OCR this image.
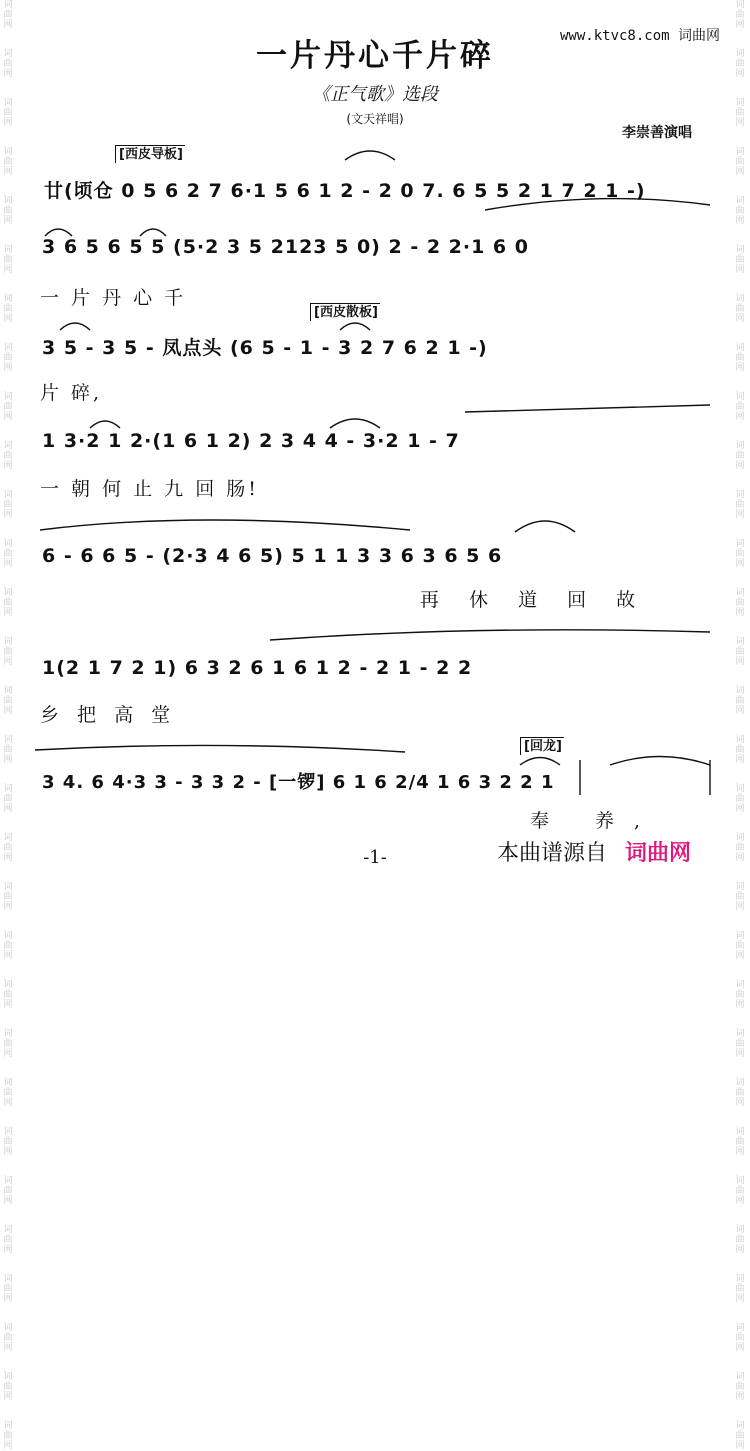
词曲网
词曲网
词曲网
词曲网
词曲网
词曲网
词曲网
词曲网
词曲网
词曲网
词曲网
词曲网
词曲网
词曲网
词曲网
词曲网
词曲网
词曲网
词曲网
词曲网
词曲网
词曲网
词曲网
词曲网
词曲网
词曲网
词曲网
词曲网
词曲网
词曲网
词曲网
词曲网
词曲网
词曲网
词曲网
词曲网
词曲网
词曲网
词曲网
词曲网
词曲网
词曲网
词曲网
词曲网
词曲网
词曲网
词曲网
词曲网
词曲网
词曲网
词曲网
词曲网
词曲网
词曲网
词曲网
词曲网
词曲网
词曲网
词曲网
词曲网
一片丹心千片碎
《正气歌》选段
(文天祥唱)
www.ktvc8.com 词曲网
李崇善演唱
[西皮导板]
廿(顷仓 0 5 6 2 7 6·1 5 6 1 2 - 2 0 7. 6 5 5 2 1 7 2 1 -)
3 6 5 6 5 5 (5·2 3 5 2123 5 0) 2 - 2 2·1 6 0
一 片 丹 心 千
[西皮散板]
3 5 - 3 5 - 凤点头 (6 5 - 1 - 3 2 7 6 2 1 -)
片 碎,
1 3·2 1 2·(1 6 1 2) 2 3 4 4 - 3·2 1 - 7
一 朝 何 止 九 回 肠!
6 - 6 6 5 - (2·3 4 6 5) 5 1 1 3 3 6 3 6 5 6
再 休 道 回 故
1(2 1 7 2 1) 6 3 2 6 1 6 1 2 - 2 1 - 2 2
乡 把 高 堂
[回龙]
3 4. 6 4·3 3 - 3 3 2 - [一锣] 6 1 6 2/4 1 6 3 2 2 1
奉 养,
-1-	本曲谱源自 词曲网
